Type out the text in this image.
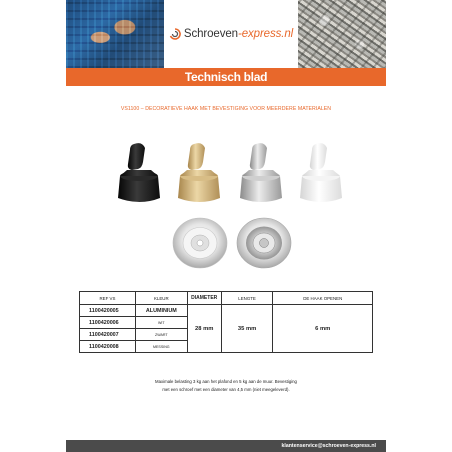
Schroeven-express.nl
Technisch blad
VS1100 – DECORATIEVE HAAK MET BEVESTIGING VOOR MEERDERE MATERIALEN
REF VS	KLEUR	DIAMETER	LENGTE	DE HAAK OPENEN
1100420005	ALUMINIUM	28 mm	35 mm	6 mm
1100420006	WIT			
1100420007	ZWART			
1100420008	MESSING			
Maximale belasting 3 kg aan het plafond en 5 kg aan de muur. Bevestiging
met een schroef met een diameter van 4,5 mm (niet meegeleverd).
klantenservice@schroeven-express.nl
